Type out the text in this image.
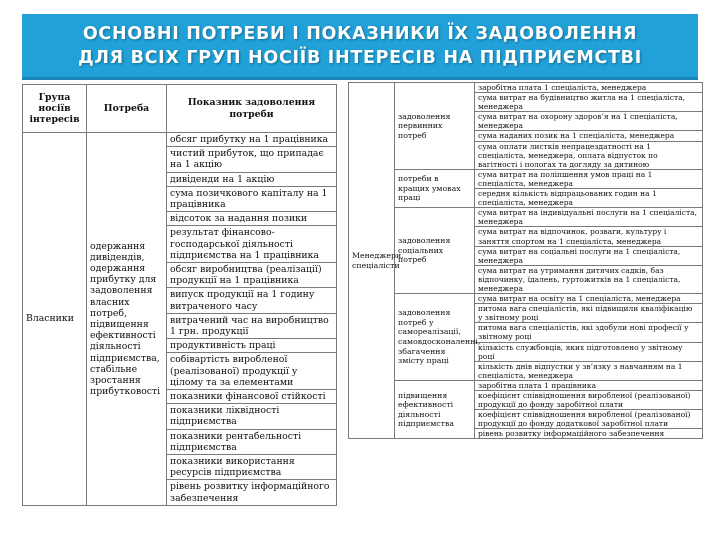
ОСНОВНІ ПОТРЕБИ І ПОКАЗНИКИ ЇХ ЗАДОВОЛЕННЯ
ДЛЯ ВСІХ ГРУП НОСІЇВ ІНТЕРЕСІВ НА ПІДПРИЄМСТВІ
Група носіїв інтересів	Потреба	Показник задоволення потреби
Власники	одержання дивідендів, одержання прибутку для задоволення власних потреб, підвищення ефективності діяльності підприємства, стабільне зростання прибутковості	обсяг прибутку на 1 працівника
		чистий прибуток, що припадає на 1 акцію
		дивіденди на 1 акцію
		сума позичкового капіталу на 1 працівника
		відсоток за надання позики
		результат фінансово-господарської діяльності підприємства на 1 працівника
		обсяг виробництва (реалізації) продукції на 1 працівника
		випуск продукції на 1 годину витраченого часу
		витрачений час на виробництво 1 грн. продукції
		продуктивність праці
		собівартість виробленої (реалізованої) продукції у цілому та за елементами
		показники фінансової стійкості
		показники ліквідності підприємства
		показники рентабельності підприємства
		показники використання ресурсів підприємства
		рівень розвитку інформаційного забезпечення
Менеджери, спеціалісти	задоволення первинних потреб	заробітна плата 1 спеціаліста, менеджера
		сума витрат на будівництво житла на 1 спеціаліста, менеджера
		сума витрат на охорону здоров’я на 1 спеціаліста, менеджера
		сума наданих позик на 1 спеціаліста, менеджера
		сума оплати листків непрацездатності на 1 спеціаліста, менеджера, оплата відпусток по вагітності і пологах та догляду за дитиною
	потреби в кращих умовах праці	сума витрат на поліпшення умов праці на 1 спеціаліста, менеджера
		середня кількість відпрацьованих годин на 1 спеціаліста, менеджера
	задоволення соціальних потреб	сума витрат на індивідуальні послуги на 1 спеціаліста, менеджера
		сума витрат на відпочинок, розваги, культуру і заняття спортом на 1 спеціаліста, менеджера
		сума витрат на соціальні послуги на 1 спеціаліста, менеджера
		сума витрат на утримання дитячих садків, баз відпочинку, їдалень, гуртожитків на 1 спеціаліста, менеджера
	задоволення потреб у самореалізації, самовдосконаленні, збагачення змісту праці	сума витрат на освіту на 1 спеціаліста, менеджера
		питома вага спеціалістів, які підвищили кваліфікацію у звітному році
		питома вага спеціалістів, які здобули нові професії у звітному році
		кількість службовців, яких підготовлено у звітному році
		кількість днів відпустки у зв’язку з навчанням на 1 спеціаліста, менеджера
	підвищення ефективності діяльності підприємства	заробітна плата 1 працівника
		коефіцієнт співвідношення виробленої (реалізованої) продукції до фонду заробітної плати
		коефіцієнт співвідношення виробленої (реалізованої) продукції до фонду додаткової заробітної плати
		рівень розвитку інформаційного забезпечення
